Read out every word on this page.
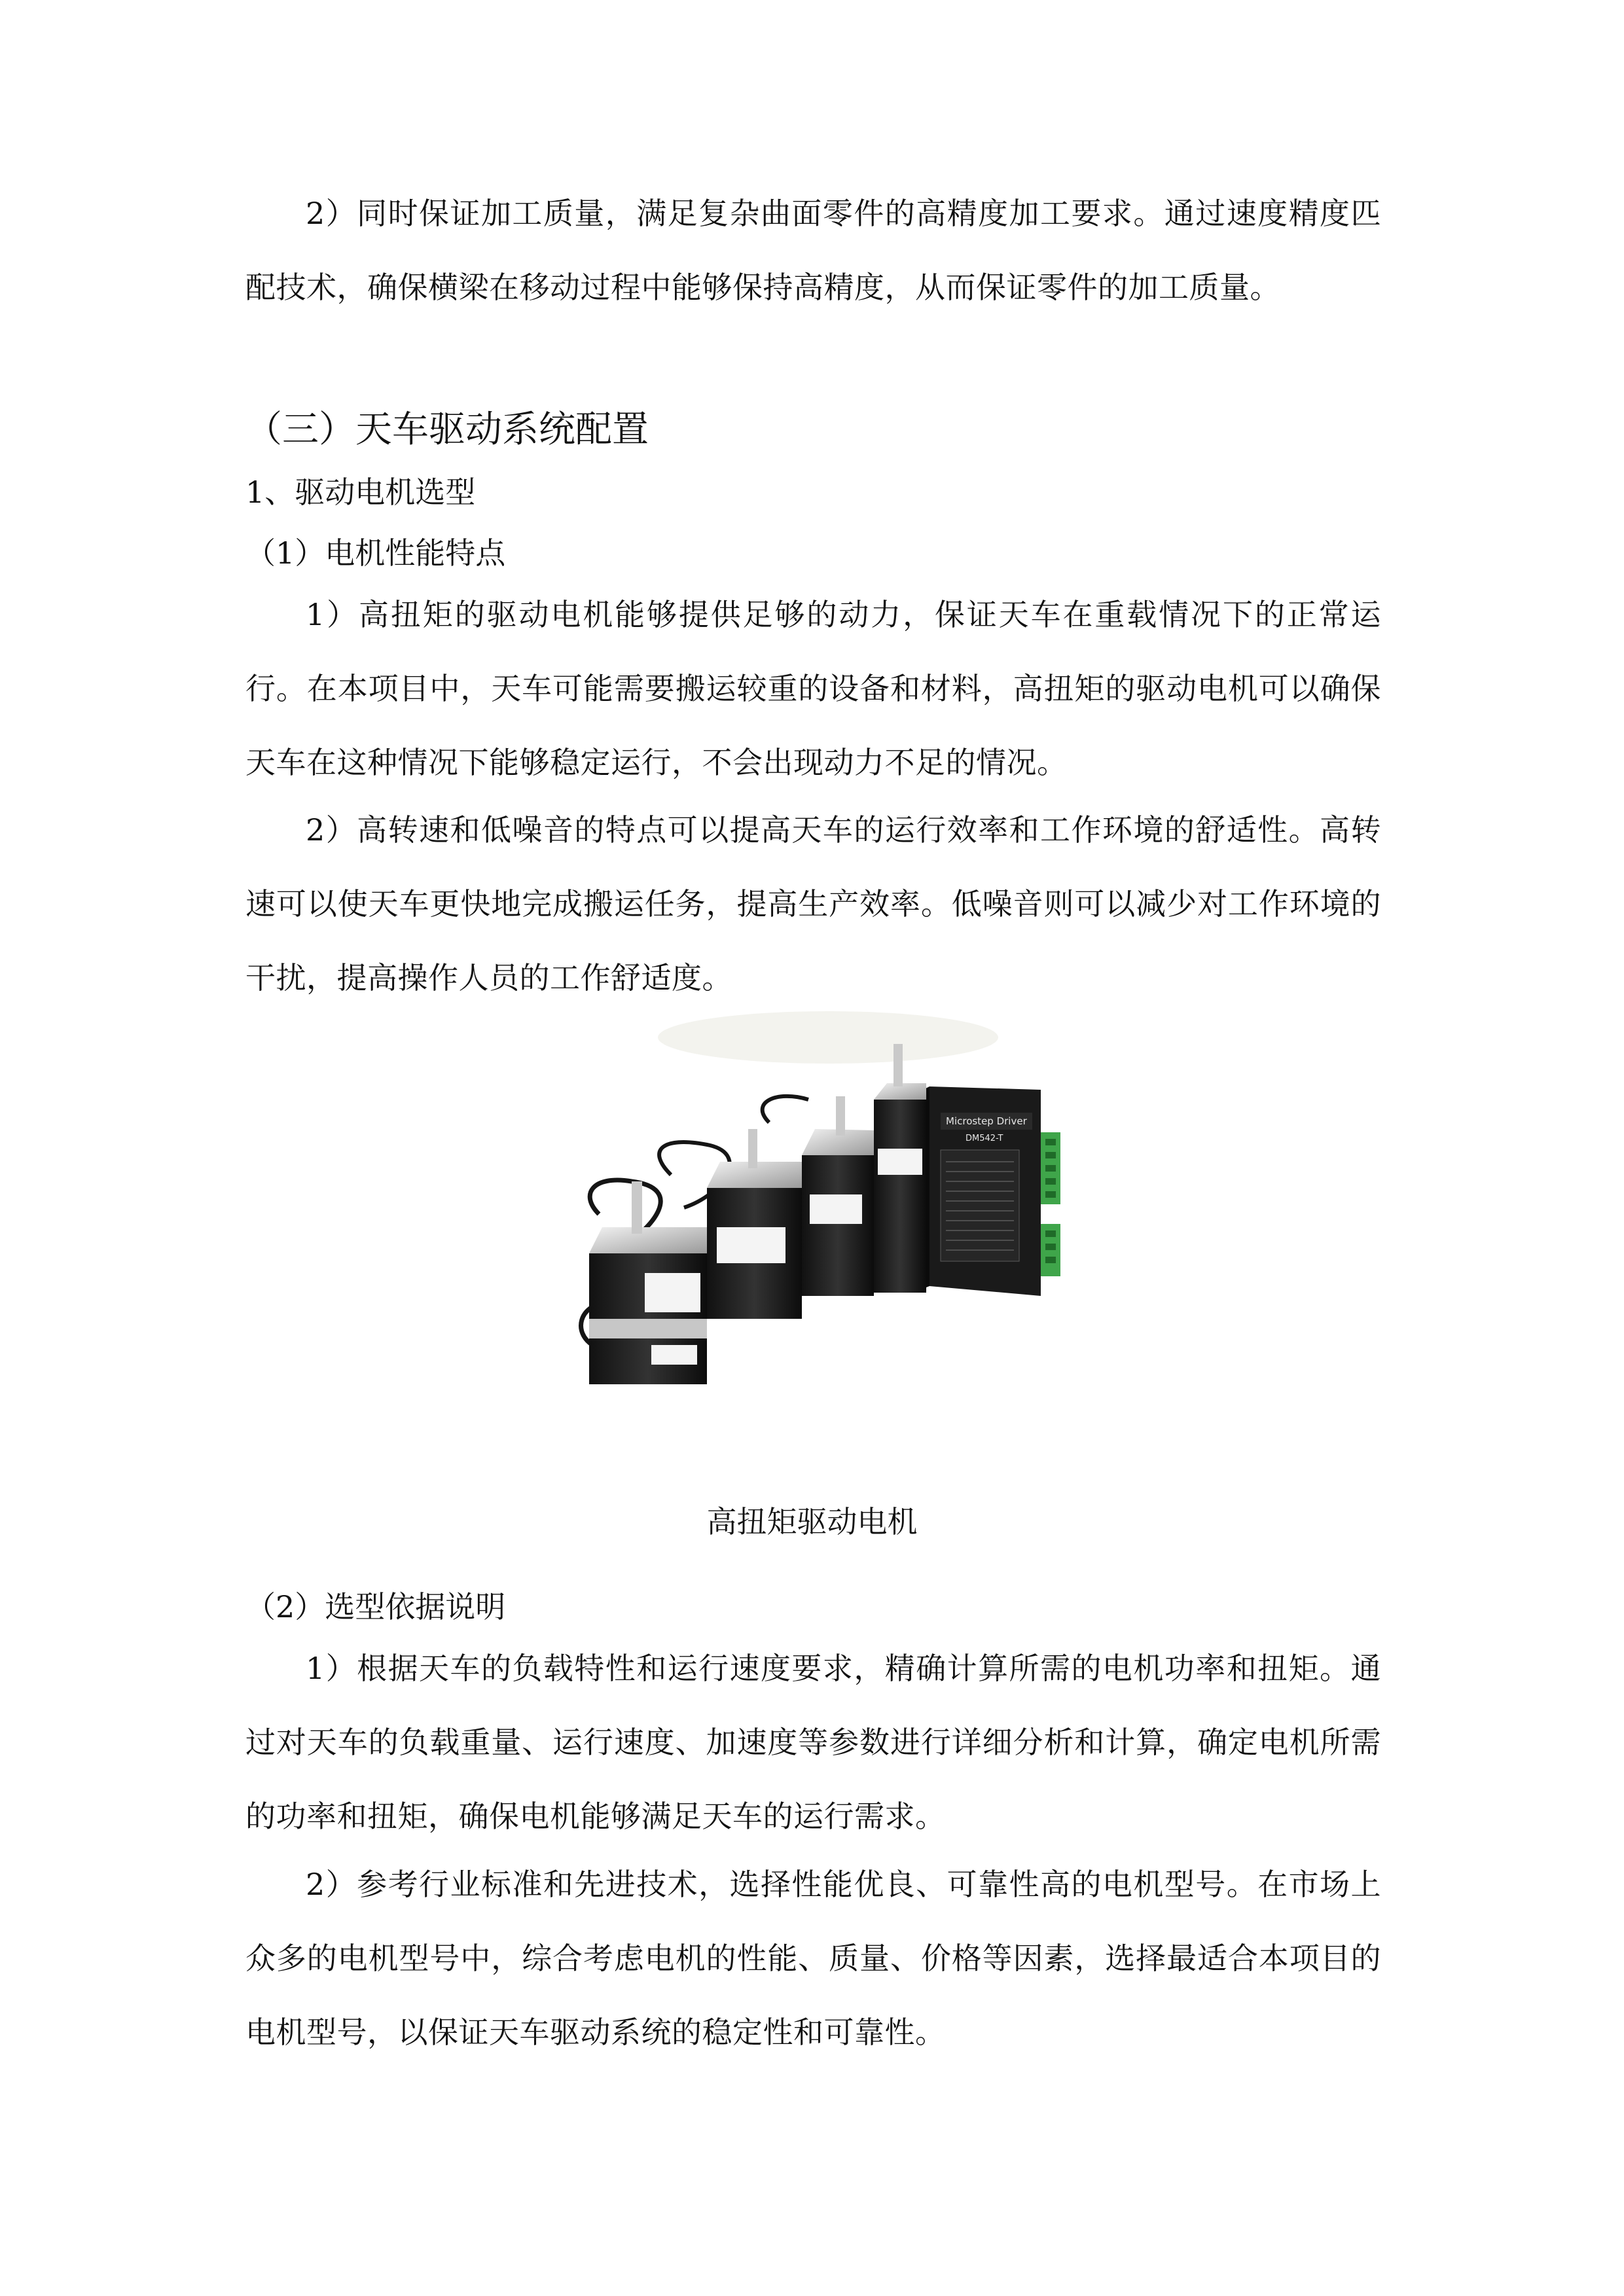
2）同时保证加工质量，满足复杂曲面零件的高精度加工要求。通过速度精度匹配技术，确保横梁在移动过程中能够保持高精度，从而保证零件的加工质量。

（三）天车驱动系统配置
1、驱动电机选型
（1）电机性能特点

1）高扭矩的驱动电机能够提供足够的动力，保证天车在重载情况下的正常运行。在本项目中，天车可能需要搬运较重的设备和材料，高扭矩的驱动电机可以确保天车在这种情况下能够稳定运行，不会出现动力不足的情况。

2）高转速和低噪音的特点可以提高天车的运行效率和工作环境的舒适性。高转速可以使天车更快地完成搬运任务，提高生产效率。低噪音则可以减少对工作环境的干扰，提高操作人员的工作舒适度。

Microstep Driver
DM542-T

高扭矩驱动电机

（2）选型依据说明

1）根据天车的负载特性和运行速度要求，精确计算所需的电机功率和扭矩。通过对天车的负载重量、运行速度、加速度等参数进行详细分析和计算，确定电机所需的功率和扭矩，确保电机能够满足天车的运行需求。

2）参考行业标准和先进技术，选择性能优良、可靠性高的电机型号。在市场上众多的电机型号中，综合考虑电机的性能、质量、价格等因素，选择最适合本项目的电机型号，以保证天车驱动系统的稳定性和可靠性。
